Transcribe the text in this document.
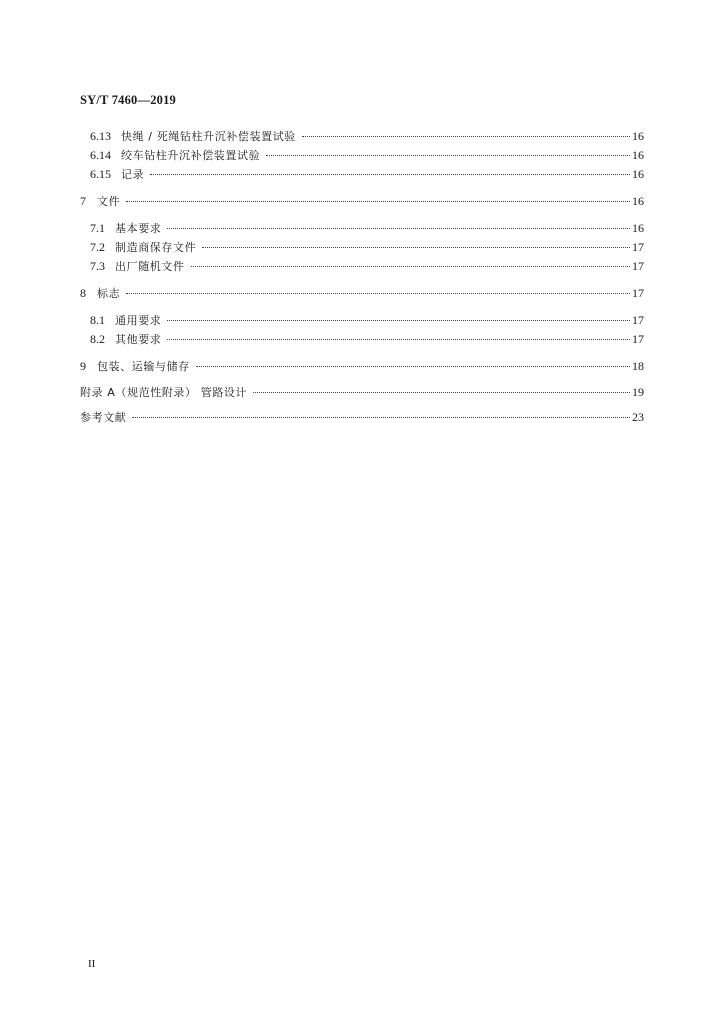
SY/T 7460—2019
6.13 快绳 / 死绳钻柱升沉补偿装置试验	16
6.14 绞车钻柱升沉补偿装置试验	16
6.15 记录	16
7 文件	16
7.1 基本要求	16
7.2 制造商保存文件	17
7.3 出厂随机文件	17
8 标志	17
8.1 通用要求	17
8.2 其他要求	17
9 包装、运输与储存	18
附录 A（规范性附录） 管路设计	19
参考文献	23
II
